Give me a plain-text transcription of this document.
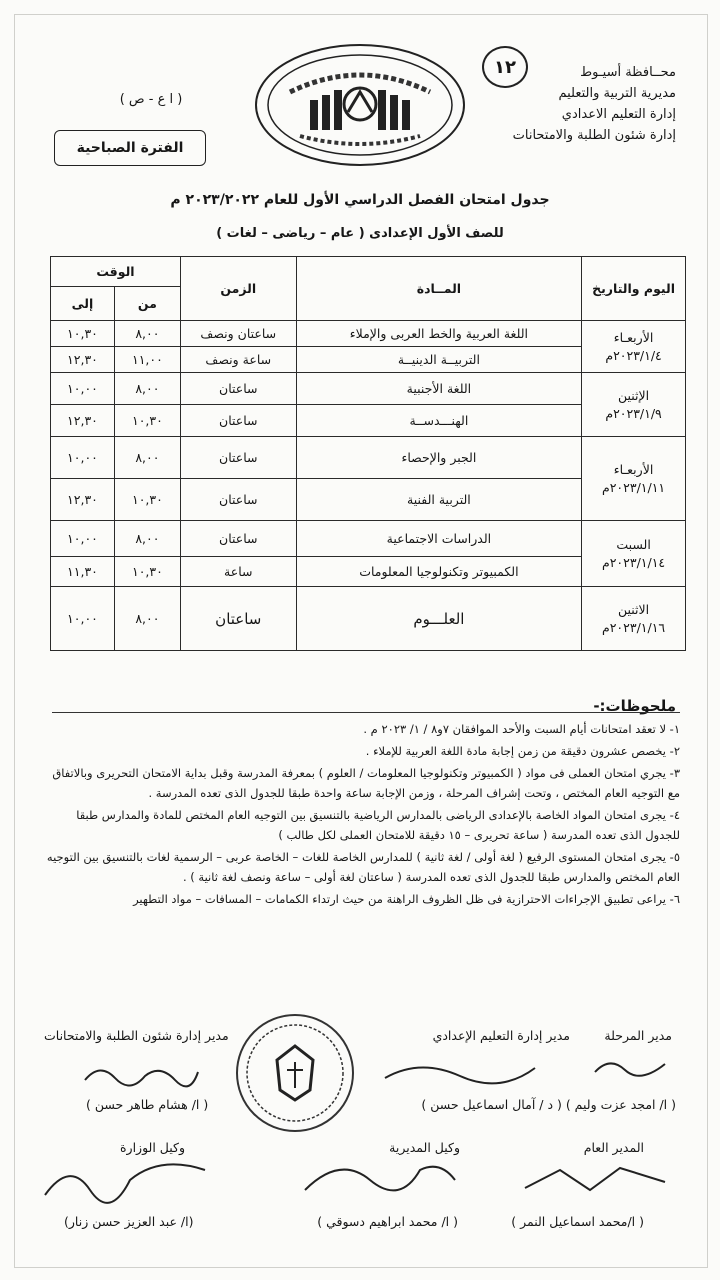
محــافظة أسيـوط
مديرية التربية والتعليم
إدارة التعليم الاعدادي
إدارة شئون الطلبة والامتحانات
١٢
( ا ع - ص )
الفترة الصباحية
جدول امتحان الفصل الدراسي الأول للعام ٢٠٢٣/٢٠٢٢ م
للصف الأول الإعدادى ( عام – رياضى – لغات )
اليوم والتاريخ	المــادة	الزمن	الوقت	
			من	إلى

الأربعـاء
٢٠٢٣/١/٤م	اللغة العربية والخط العربى والإملاء	ساعتان ونصف	٨,٠٠	١٠,٣٠
	التربيــة الدينيــة	ساعة ونصف	١١,٠٠	١٢,٣٠

الإثنين
٢٠٢٣/١/٩م	اللغة الأجنبية	ساعتان	٨,٠٠	١٠,٠٠
	الهنـــدســة	ساعتان	١٠,٣٠	١٢,٣٠

الأربعـاء
٢٠٢٣/١/١١م	الجبر والإحصاء	ساعتان	٨,٠٠	١٠,٠٠
	التربية الفنية	ساعتان	١٠,٣٠	١٢,٣٠

السبت
٢٠٢٣/١/١٤م	الدراسات الاجتماعية	ساعتان	٨,٠٠	١٠,٠٠
	الكمبيوتر وتكنولوجيا المعلومات	ساعة	١٠,٣٠	١١,٣٠

الاثنين
٢٠٢٣/١/١٦م	العلـــوم	ساعتان	٨,٠٠	١٠,٠٠
ملحوظات:-

١- لا تعقد امتحانات أيام السبت والأحد الموافقان ٧و٨ / ١/ ٢٠٢٣ م .

٢- يخصص عشرون دقيقة من زمن إجابة مادة اللغة العربية للإملاء .

٣- يجري امتحان العملى فى مواد ( الكمبيوتر وتكنولوجيا المعلومات / العلوم ) بمعرفة المدرسة وقبل بداية الامتحان التحريرى وبالاتفاق مع التوجيه العام المختص ، وتحت إشراف المرحلة ، وزمن الإجابة ساعة واحدة طبقا للجدول الذى تعده المدرسة .

٤- يجرى امتحان المواد الخاصة بالإعدادى الرياضى بالمدارس الرياضية بالتنسيق بين التوجيه العام المختص للمادة والمدارس طبقا للجدول الذى تعده المدرسة ( ساعة تحريرى – ١٥ دقيقة للامتحان العملى لكل طالب )

٥- يجرى امتحان المستوى الرفيع ( لغة أولى / لغة ثانية ) للمدارس الخاصة للغات – الخاصة عربى – الرسمية لغات بالتنسيق بين التوجيه العام المختص والمدارس طبقا للجدول الذى تعده المدرسة ( ساعتان لغة أولى – ساعة ونصف لغة ثانية ) .

٦- يراعى تطبيق الإجراءات الاحترازية فى ظل الظروف الراهنة من حيث ارتداء الكمامات – المسافات – مواد التطهير

مدير المرحلة
مدير إدارة التعليم الإعدادي
مدير إدارة شئون الطلبة والامتحانات
( ا/ امجد عزت وليم ) ( د / آمال اسماعيل حسن )
( ا/ هشام طاهر حسن )
المدير العام
وكيل المديرية
وكيل الوزارة
( ا/محمد اسماعيل النمر )
( ا/ محمد ابراهيم دسوقي )
(ا/ عبد العزيز حسن زنار)
